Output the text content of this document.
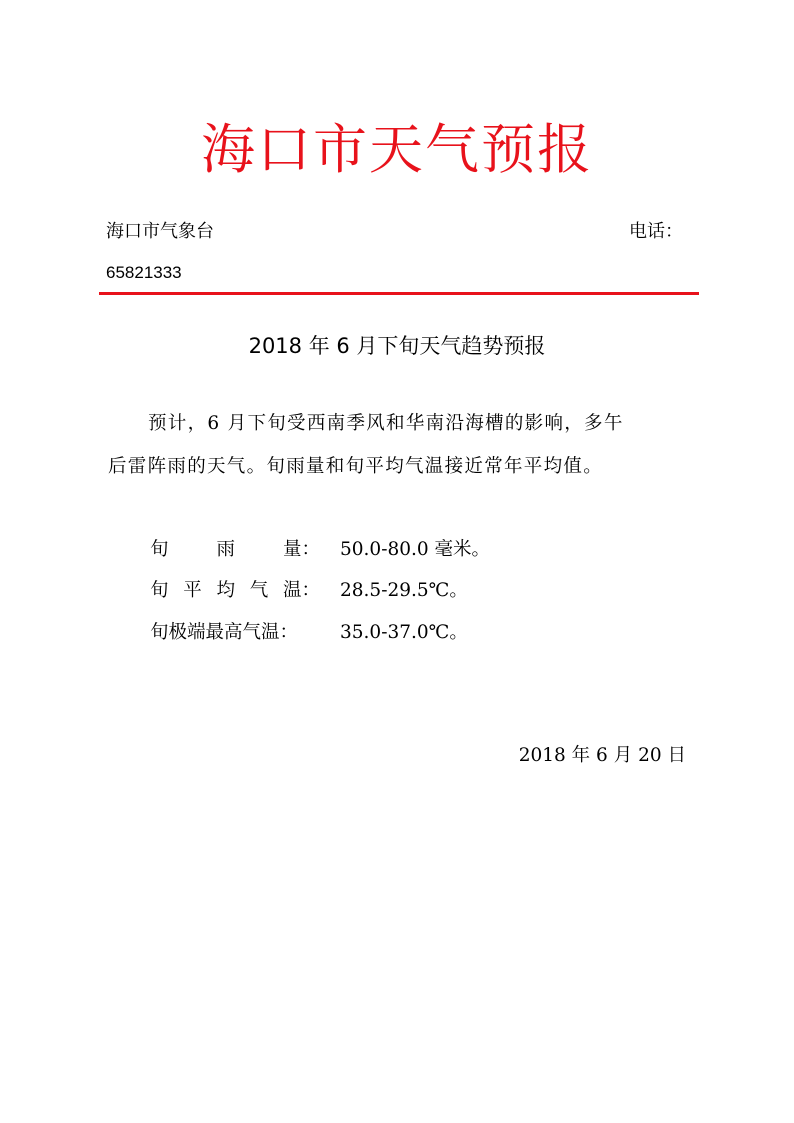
海口市天气预报
海口市气象台	电话：
65821333
2018 年 6 月下旬天气趋势预报
预计，6 月下旬受西南季风和华南沿海槽的影响，多午
后雷阵雨的天气。旬雨量和旬平均气温接近常年平均值。
旬	雨	量： 50.0-80.0 毫米。
旬 平 均 气 温： 28.5-29.5℃。
旬极端最高气温： 35.0-37.0℃。
2018 年 6 月 20 日
